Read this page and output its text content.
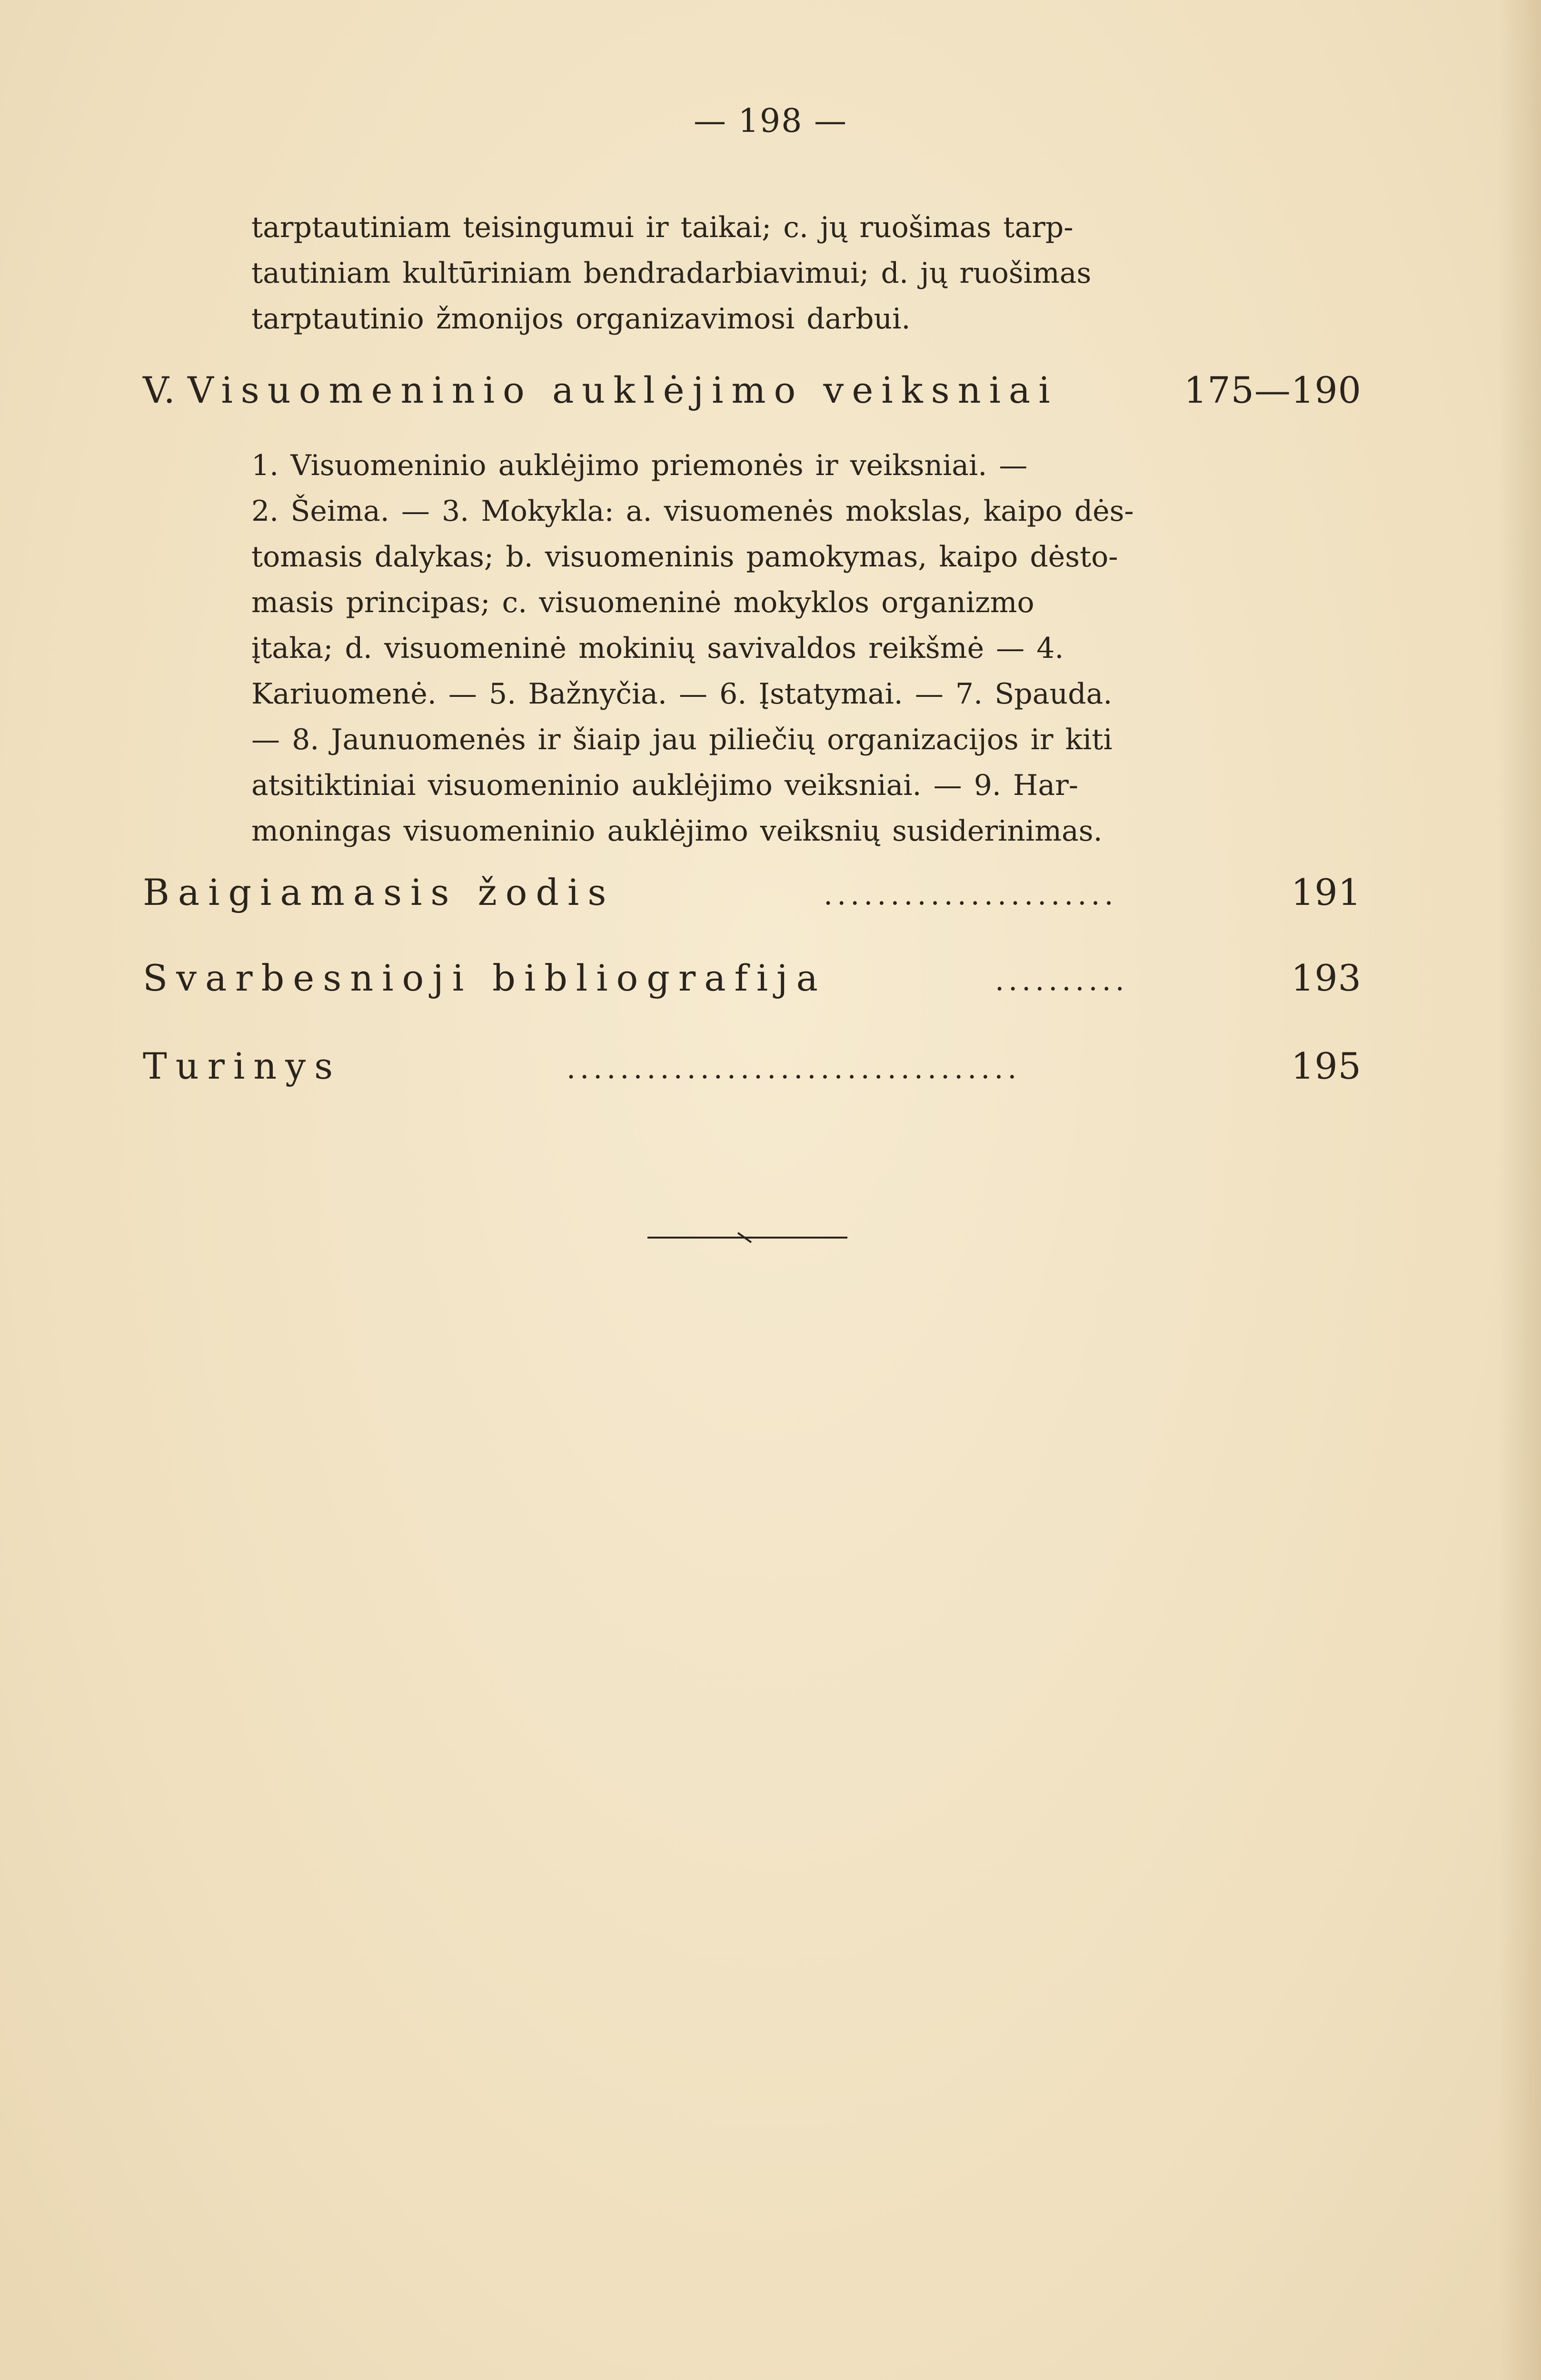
— 198 —
tarptautiniam teisingumui ir taikai; c. jų ruošimas tarp-
tautiniam kultūriniam bendradarbiavimui; d. jų ruošimas
tarptautinio žmonijos organizavimosi darbui.
V. Visuomeninio auklėjimo veiksniai	175—190
1. Visuomeninio auklėjimo priemonės ir veiksniai. —
2. Šeima. — 3. Mokykla: a. visuomenės mokslas, kaipo dės-
tomasis dalykas; b. visuomeninis pamokymas, kaipo dėsto-
masis principas; c. visuomeninė mokyklos organizmo
įtaka; d. visuomeninė mokinių savivaldos reikšmė — 4.
Kariuomenė. — 5. Bažnyčia. — 6. Įstatymai. — 7. Spauda.
— 8. Jaunuomenės ir šiaip jau piliečių organizacijos ir kiti
atsitiktiniai visuomeninio auklėjimo veiksniai. — 9. Har-
moningas visuomeninio auklėjimo veiksnių susiderinimas.
Baigiamasis žodis	......................	191
Svarbesnioji bibliografija	..........	193
Turinys	..................................	195
